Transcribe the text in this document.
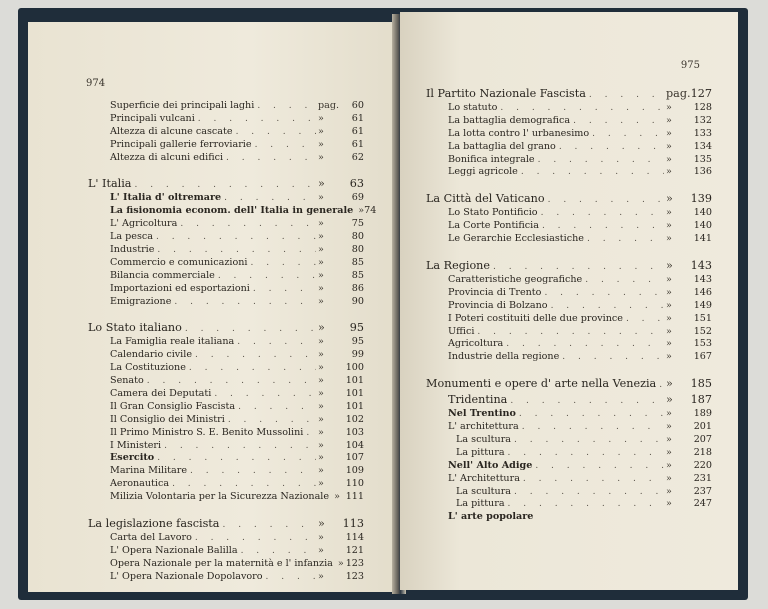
974
Superficie dei principali laghi . . .	pag.	60
Principali vulcani . . .	»	61
Altezza di alcune cascate . . .	»	61
Principali gallerie ferroviarie . . .	»	61
Altezza di alcuni edifici . . .	»	62
L' Italia . . .	»	63
L' Italia d' oltremare . . .	»	69
La fisionomia econom. dell' Italia in generale » 74
L' Agricoltura . . .	»	75
La pesca . . .	»	80
Industrie . . .	»	80
Commercio e comunicazioni . . .	»	85
Bilancia commerciale . . .	»	85
Importazioni ed esportazioni . . .	»	86
Emigrazione . . .	»	90
Lo Stato italiano . . .	»	95
La Famiglia reale italiana . . .	»	95
Calendario civile . . .	»	99
La Costituzione . . .	»	100
Senato . . .	»	101
Camera dei Deputati . . .	»	101
Il Gran Consiglio Fascista . . .	»	101
Il Consiglio dei Ministri . . .	»	102
Il Primo Ministro S. E. Benito Mussolini . . .	»	103
I Ministeri . . .	»	104
Esercito . . .	»	107
Marina Militare . . .	»	109
Aeronautica . . .	»	110
Milizia Volontaria per la Sicurezza Nazionale » 111
La legislazione fascista . . .	»	113
Carta del Lavoro . . .	»	114
L' Opera Nazionale Balilla . . .	»	121
Opera Nazionale per la maternità e l' infanzia » 123
L' Opera Nazionale Dopolavoro . . .	»	123
975
Il Partito Nazionale Fascista . . .	pag. 127
Lo statuto . . .	»	128
La battaglia demografica . . .	»	132
La lotta contro l' urbanesimo . . .	»	133
La battaglia del grano . . .	»	134
Bonifica integrale . . .	»	135
Leggi agricole . . .	»	136
La Città del Vaticano . . .	»	139
Lo Stato Pontificio . . .	»	140
La Corte Pontificia . . .	»	140
Le Gerarchie Ecclesiastiche . . .	»	141
La Regione . . .	»	143
Caratteristiche geografiche . . .	»	143
Provincia di Trento . . .	»	146
Provincia di Bolzano . . .	»	149
I Poteri costituiti delle due province . . .	»	151
Uffici . . .	»	152
Agricoltura . . .	»	153
Industrie della regione . . .	»	167
Monumenti e opere d' arte nella Venezia . . . »	185
Tridentina . . .	»	187
Nel Trentino . . .	»	189
L' architettura . . .	»	201
La scultura . . .	»	207
La pittura . . .	»	218
Nell' Alto Adige . . .	»	220
L' Architettura . . .	»	231
La scultura . . .	»	237
La pittura . . .	»	247
L' arte popolare
